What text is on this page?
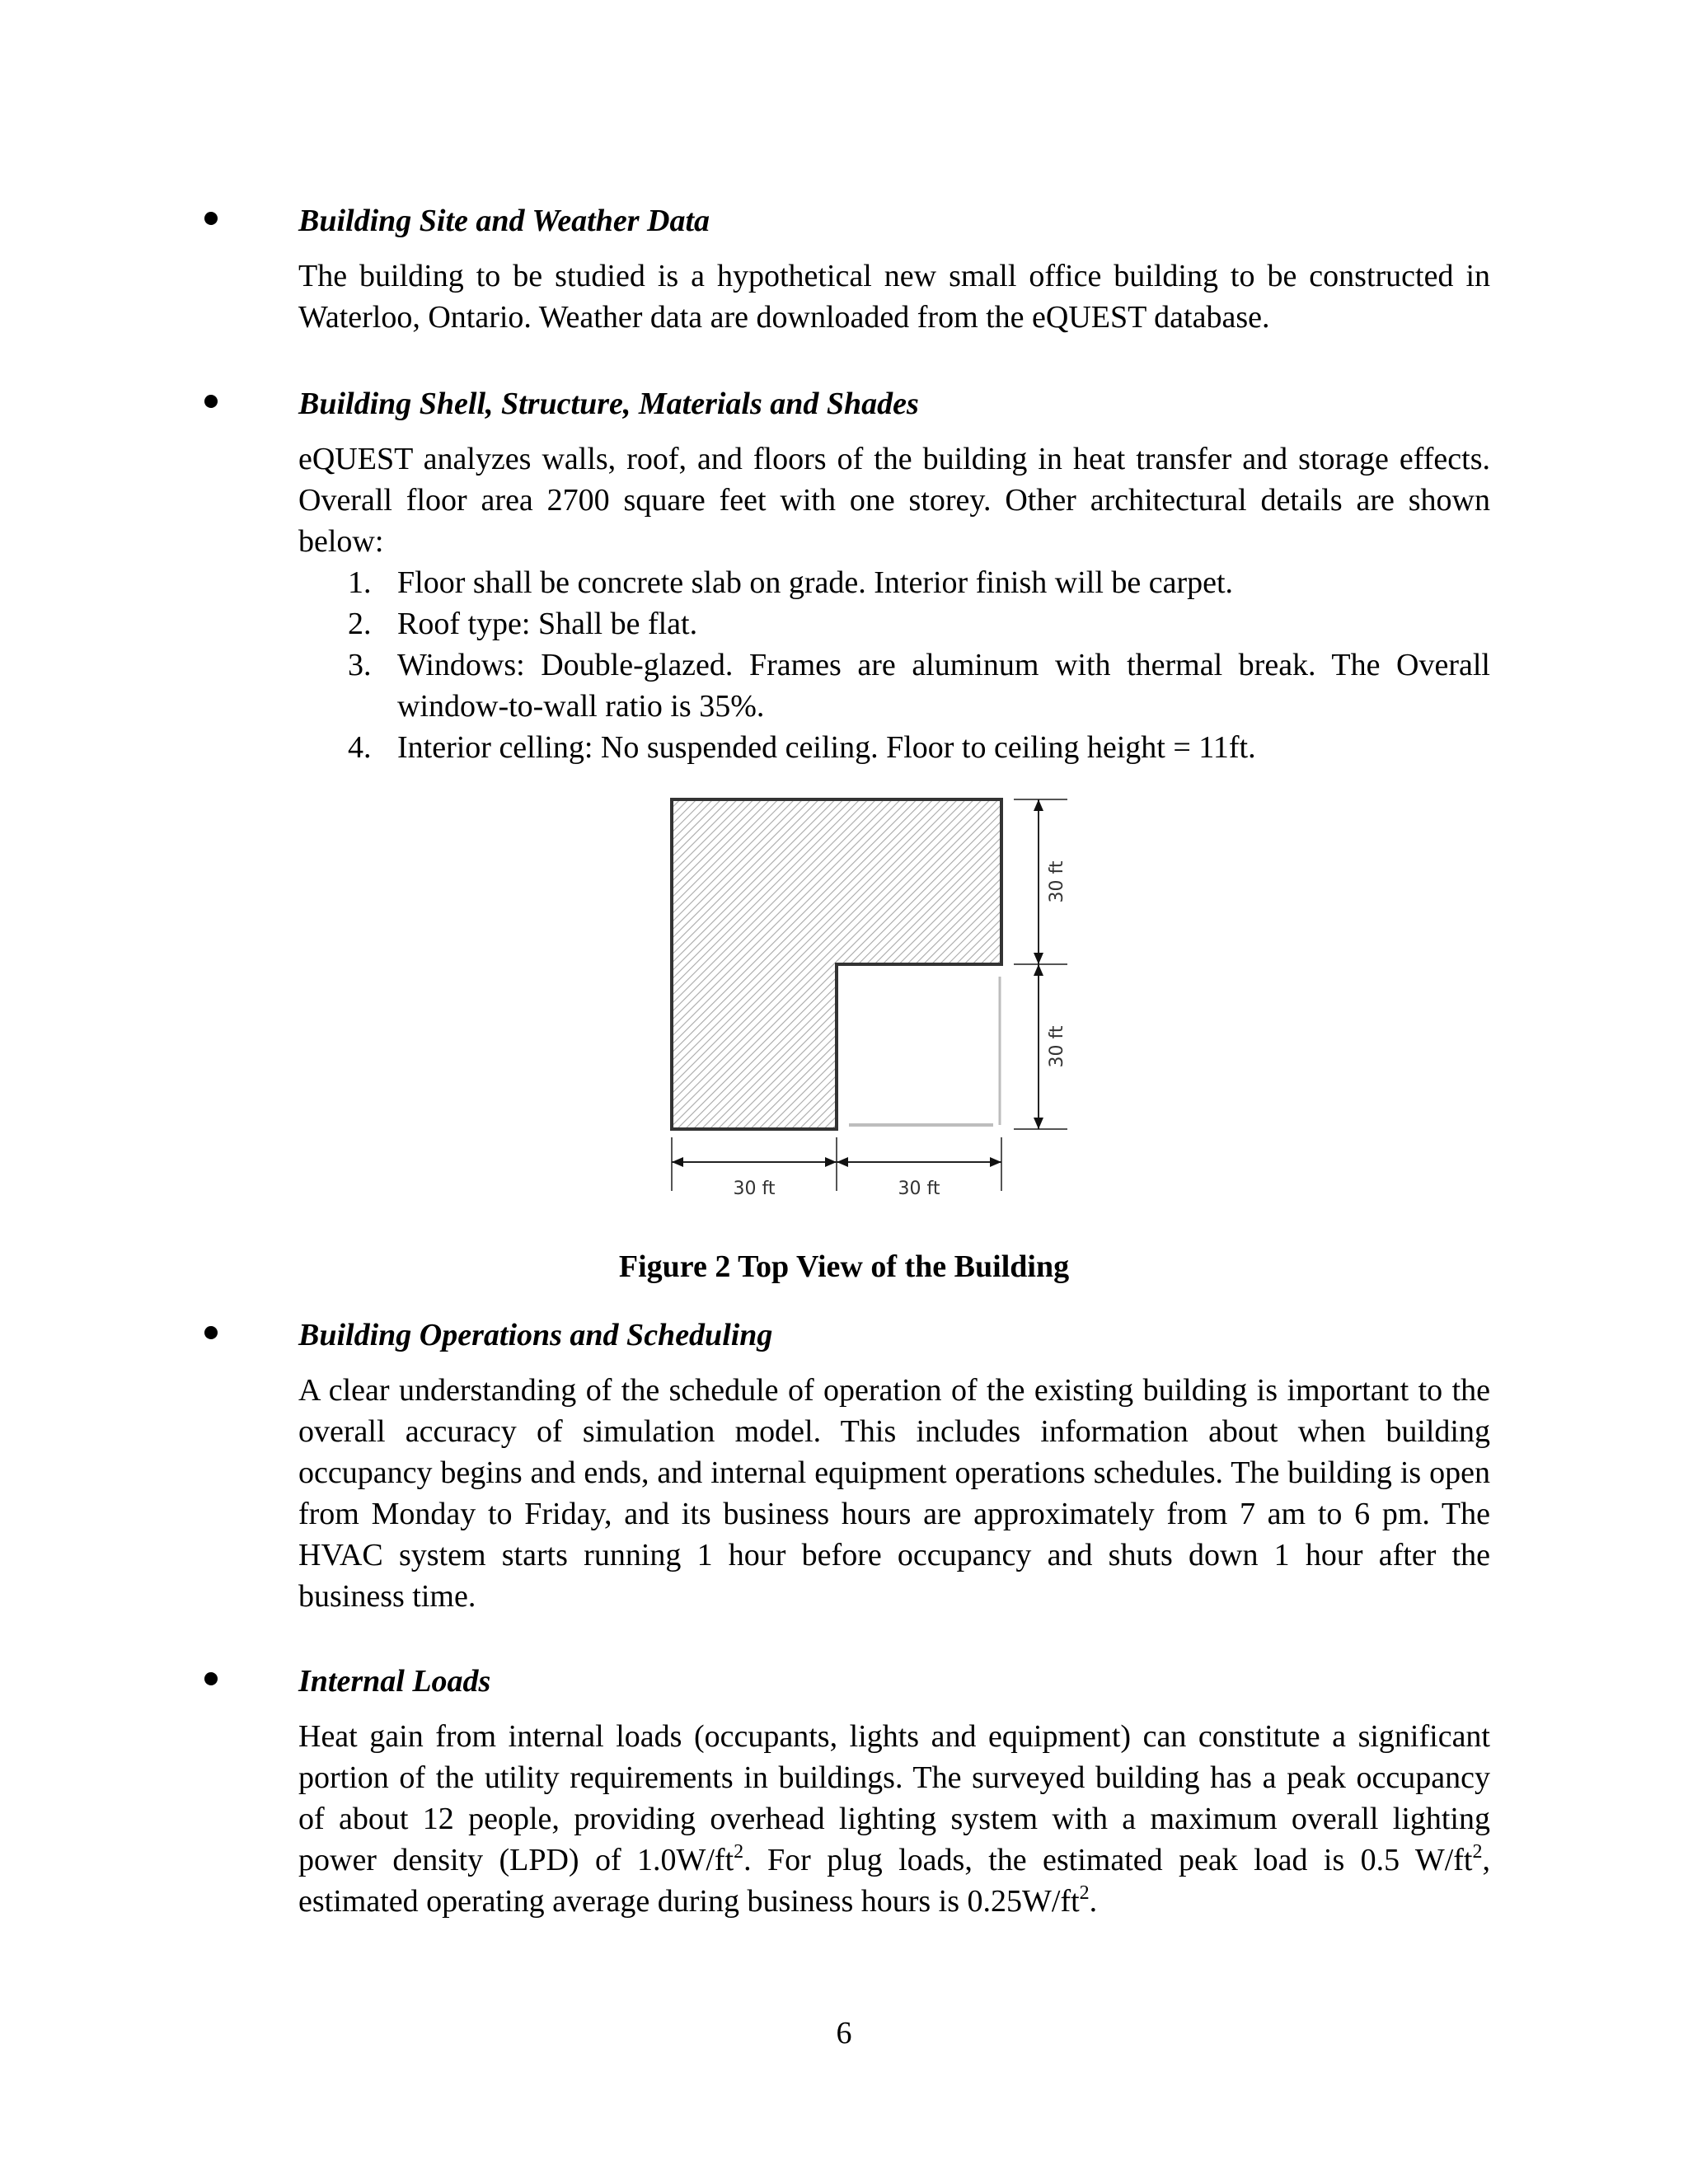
Building Site and Weather Data
The building to be studied is a hypothetical new small office building to be constructed in Waterloo, Ontario. Weather data are downloaded from the eQUEST database.
Building Shell, Structure, Materials and Shades
eQUEST analyzes walls, roof, and floors of the building in heat transfer and storage effects. Overall floor area 2700 square feet with one storey. Other architectural details are shown below:
1. Floor shall be concrete slab on grade. Interior finish will be carpet.
2. Roof type: Shall be flat.
3. Windows: Double-glazed. Frames are aluminum with thermal break. The Overall window-to-wall ratio is 35%.
4. Interior celling: No suspended ceiling. Floor to ceiling height = 11ft.
30 ft
30 ft
30 ft	30 ft
Figure 2 Top View of the Building
Building Operations and Scheduling
A clear understanding of the schedule of operation of the existing building is important to the overall accuracy of simulation model. This includes information about when building occupancy begins and ends, and internal equipment operations schedules. The building is open from Monday to Friday, and its business hours are approximately from 7 am to 6 pm. The HVAC system starts running 1 hour before occupancy and shuts down 1 hour after the business time.
Internal Loads
Heat gain from internal loads (occupants, lights and equipment) can constitute a significant portion of the utility requirements in buildings. The surveyed building has a peak occupancy of about 12 people, providing overhead lighting system with a maximum overall lighting power density (LPD) of $1.0W/ft^2$. For plug loads, the estimated peak load is 0.5 $W/ft^2$, estimated operating average during business hours is $0.25W/ft^2$.
6
